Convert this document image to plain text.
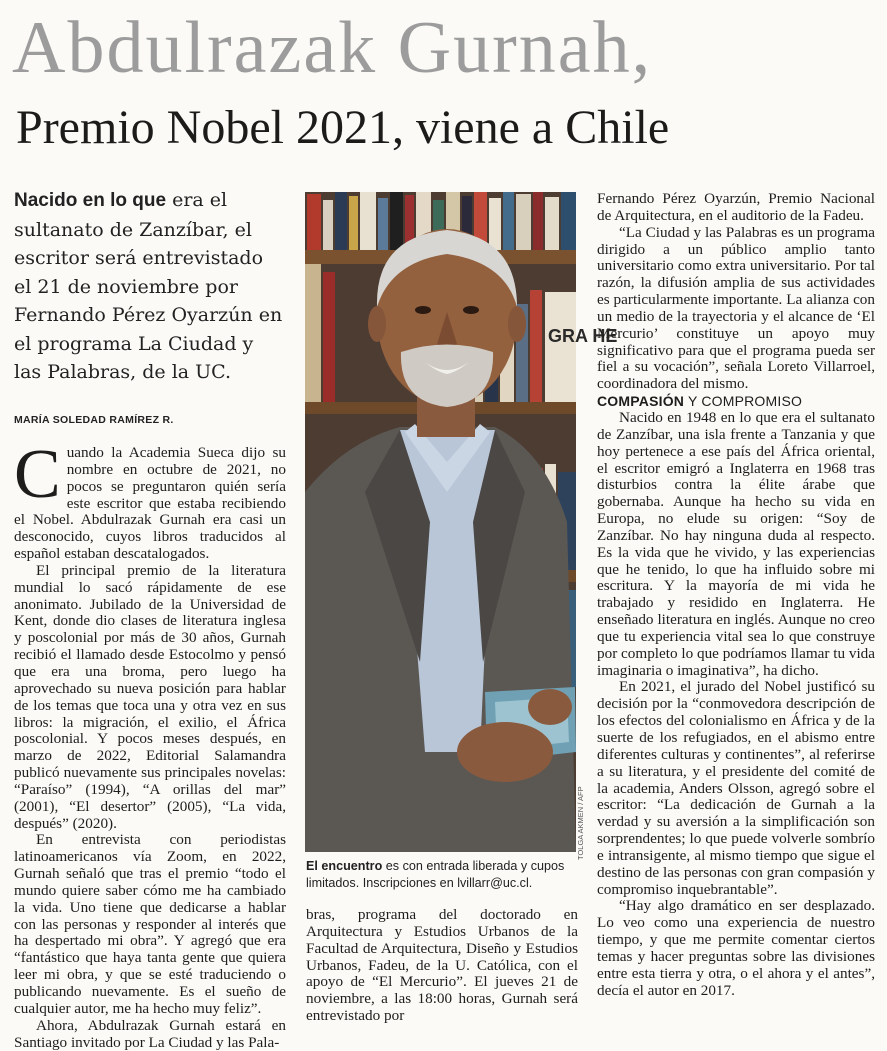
Abdulrazak Gurnah,
Premio Nobel 2021, viene a Chile
Nacido en lo que era el sultanato de Zanzíbar, el escritor será entrevistado el 21 de noviembre por Fernando Pérez Oyarzún en el programa La Ciudad y las Palabras, de la UC.
MARÍA SOLEDAD RAMÍREZ R.

Cuando la Academia Sueca dijo su nombre en octubre de 2021, no pocos se preguntaron quién sería este escritor que estaba recibiendo el Nobel. Abdulrazak Gurnah era casi un desconocido, cuyos libros traducidos al español estaban descatalogados.

El principal premio de la literatura mundial lo sacó rápidamente de ese anonimato. Jubilado de la Universidad de Kent, donde dio clases de literatura inglesa y poscolonial por más de 30 años, Gurnah recibió el llamado desde Estocolmo y pensó que era una broma, pero luego ha aprovechado su nueva posición para hablar de los temas que toca una y otra vez en sus libros: la migración, el exilio, el África poscolonial. Y pocos meses después, en marzo de 2022, Editorial Salamandra publicó nuevamente sus principales novelas: “Paraíso” (1994), “A orillas del mar” (2001), “El desertor” (2005), “La vida, después” (2020).

En entrevista con periodistas latinoamericanos vía Zoom, en 2022, Gurnah señaló que tras el premio “todo el mundo quiere saber cómo me ha cambiado la vida. Uno tiene que dedicarse a hablar con las personas y responder al interés que ha despertado mi obra”. Y agregó que era “fantástico que haya tanta gente que quiera leer mi obra, y que se esté traduciendo o publicando nuevamente. Es el sueño de cualquier autor, me ha hecho muy feliz”.

Ahora, Abdulrazak Gurnah estará en Santiago invitado por La Ciudad y las Pala-

GRA HE
TOLGA AKMEN / AFP
El encuentro es con entrada liberada y cupos limitados. Inscripciones en lvillarr@uc.cl.

bras, programa del doctorado en Arquitectura y Estudios Urbanos de la Facultad de Arquitectura, Diseño y Estudios Urbanos, Fadeu, de la U. Católica, con el apoyo de “El Mercurio”. El jueves 21 de noviembre, a las 18:00 horas, Gurnah será entrevistado por

Fernando Pérez Oyarzún, Premio Nacional de Arquitectura, en el auditorio de la Fadeu.

“La Ciudad y las Palabras es un programa dirigido a un público amplio tanto universitario como extra universitario. Por tal razón, la difusión amplia de sus actividades es particularmente importante. La alianza con un medio de la trayectoria y el alcance de ‘El Mercurio’ constituye un apoyo muy significativo para que el programa pueda ser fiel a su vocación”, señala Loreto Villarroel, coordinadora del mismo.

COMPASIÓN Y COMPROMISO

Nacido en 1948 en lo que era el sultanato de Zanzíbar, una isla frente a Tanzania y que hoy pertenece a ese país del África oriental, el escritor emigró a Inglaterra en 1968 tras disturbios contra la élite árabe que gobernaba. Aunque ha hecho su vida en Europa, no elude su origen: “Soy de Zanzíbar. No hay ninguna duda al respecto. Es la vida que he vivido, y las experiencias que he tenido, lo que ha influido sobre mi escritura. Y la mayoría de mi vida he trabajado y residido en Inglaterra. He enseñado literatura en inglés. Aunque no creo que tu experiencia vital sea lo que construye por completo lo que podríamos llamar tu vida imaginaria o imaginativa”, ha dicho.

En 2021, el jurado del Nobel justificó su decisión por la “conmovedora descripción de los efectos del colonialismo en África y de la suerte de los refugiados, en el abismo entre diferentes culturas y continentes”, al referirse a su literatura, y el presidente del comité de la academia, Anders Olsson, agregó sobre el escritor: “La dedicación de Gurnah a la verdad y su aversión a la simplificación son sorprendentes; lo que puede volverle sombrío e intransigente, al mismo tiempo que sigue el destino de las personas con gran compasión y compromiso inquebrantable”.

“Hay algo dramático en ser desplazado. Lo veo como una experiencia de nuestro tiempo, y que me permite comentar ciertos temas y hacer preguntas sobre las divisiones entre esta tierra y otra, o el ahora y el antes”, decía el autor en 2017.
